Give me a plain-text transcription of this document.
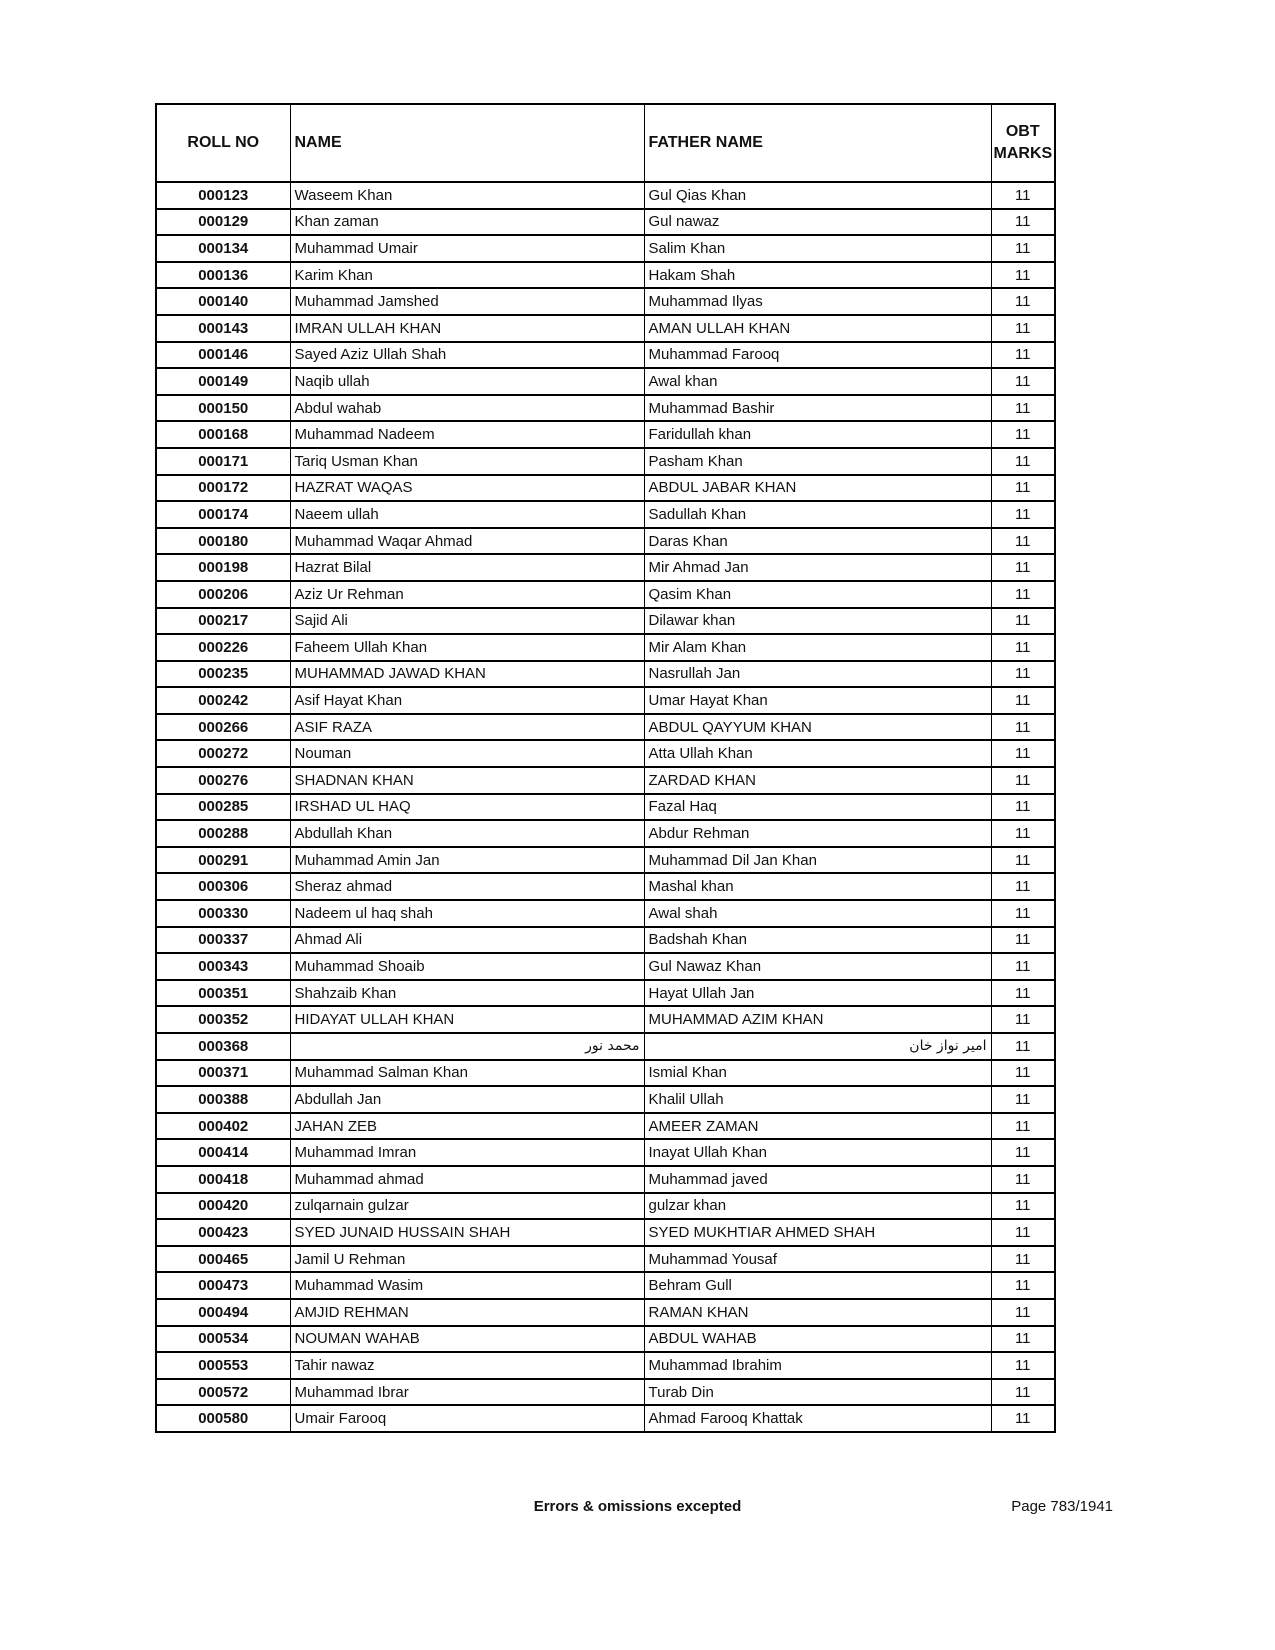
ROLL NO	NAME	FATHER NAME	OBT MARKS
000123	Waseem Khan	Gul Qias Khan	11
000129	Khan zaman	Gul nawaz	11
000134	Muhammad Umair	Salim Khan	11
000136	Karim Khan	Hakam Shah	11
000140	Muhammad Jamshed	Muhammad Ilyas	11
000143	IMRAN ULLAH KHAN	AMAN ULLAH KHAN	11
000146	Sayed Aziz Ullah Shah	Muhammad Farooq	11
000149	Naqib ullah	Awal khan	11
000150	Abdul wahab	Muhammad Bashir	11
000168	Muhammad Nadeem	Faridullah khan	11
000171	Tariq Usman Khan	Pasham Khan	11
000172	HAZRAT WAQAS	ABDUL JABAR KHAN	11
000174	Naeem ullah	Sadullah Khan	11
000180	Muhammad Waqar Ahmad	Daras Khan	11
000198	Hazrat Bilal	Mir Ahmad Jan	11
000206	Aziz Ur Rehman	Qasim Khan	11
000217	Sajid Ali	Dilawar khan	11
000226	Faheem Ullah Khan	Mir Alam Khan	11
000235	MUHAMMAD JAWAD KHAN	Nasrullah Jan	11
000242	Asif Hayat Khan	Umar Hayat Khan	11
000266	ASIF RAZA	ABDUL QAYYUM KHAN	11
000272	Nouman	Atta Ullah Khan	11
000276	SHADNAN KHAN	ZARDAD KHAN	11
000285	IRSHAD UL HAQ	Fazal Haq	11
000288	Abdullah Khan	Abdur Rehman	11
000291	Muhammad Amin Jan	Muhammad Dil Jan Khan	11
000306	Sheraz ahmad	Mashal khan	11
000330	Nadeem ul haq shah	Awal shah	11
000337	Ahmad Ali	Badshah Khan	11
000343	Muhammad Shoaib	Gul Nawaz Khan	11
000351	Shahzaib Khan	Hayat Ullah Jan	11
000352	HIDAYAT ULLAH KHAN	MUHAMMAD AZIM KHAN	11
000368	محمد نور	امیر نواز خان	11
000371	Muhammad Salman Khan	Ismial Khan	11
000388	Abdullah Jan	Khalil Ullah	11
000402	JAHAN ZEB	AMEER ZAMAN	11
000414	Muhammad Imran	Inayat Ullah Khan	11
000418	Muhammad ahmad	Muhammad javed	11
000420	zulqarnain gulzar	gulzar khan	11
000423	SYED JUNAID HUSSAIN SHAH	SYED MUKHTIAR AHMED SHAH	11
000465	Jamil U Rehman	Muhammad Yousaf	11
000473	Muhammad Wasim	Behram Gull	11
000494	AMJID REHMAN	RAMAN KHAN	11
000534	NOUMAN WAHAB	ABDUL WAHAB	11
000553	Tahir nawaz	Muhammad Ibrahim	11
000572	Muhammad Ibrar	Turab Din	11
000580	Umair Farooq	Ahmad Farooq Khattak	11
Errors & omissions excepted	Page 783/1941
